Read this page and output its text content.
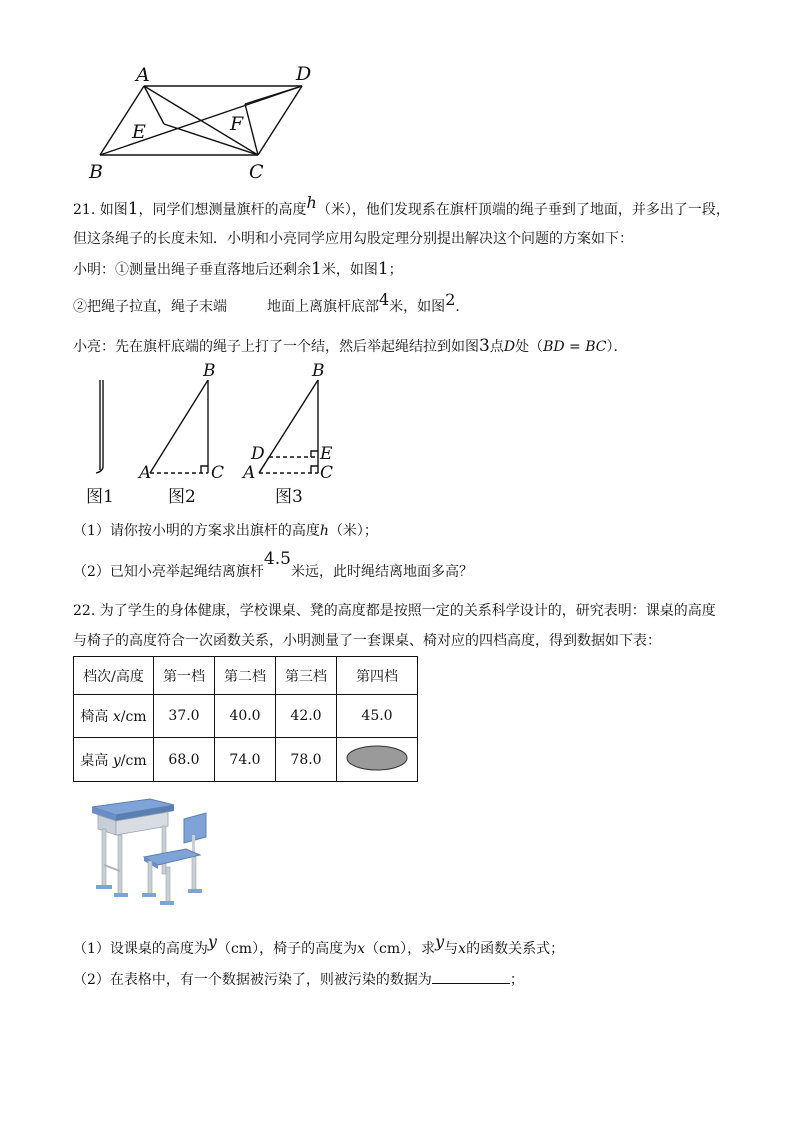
A	D
E	F
B	C
21. 如图1，同学们想测量旗杆的高度h（米），他们发现系在旗杆顶端的绳子垂到了地面，并多出了一段，
但这条绳子的长度未知．小明和小亮同学应用勾股定理分别提出解决这个问题的方案如下：
小明：①测量出绳子垂直落地后还剩余1米，如图1；
②把绳子拉直，绳子末端	地面上离旗杆底部4米，如图2．
小亮：先在旗杆底端的绳子上打了一个结，然后举起绳结拉到如图3点D处（BD = BC）．
B
A	C
B
D	E
A	C
图1	图2	图3
（1）请你按小明的方案求出旗杆的高度h（米）；
（2）已知小亮举起绳结离旗杆4.5米远，此时绳结离地面多高？
22. 为了学生的身体健康，学校课桌、凳的高度都是按照一定的关系科学设计的，研究表明：课桌的高度
与椅子的高度符合一次函数关系，小明测量了一套课桌、椅对应的四档高度，得到数据如下表：
档次/高度	第一档	第二档	第三档	第四档
椅高 x/cm	37.0	40.0	42.0	45.0
桌高 y/cm	68.0	74.0	78.0	
（1）设课桌的高度为y（cm），椅子的高度为x（cm），求y与x的函数关系式；
（2）在表格中，有一个数据被污染了，则被污染的数据为	；
